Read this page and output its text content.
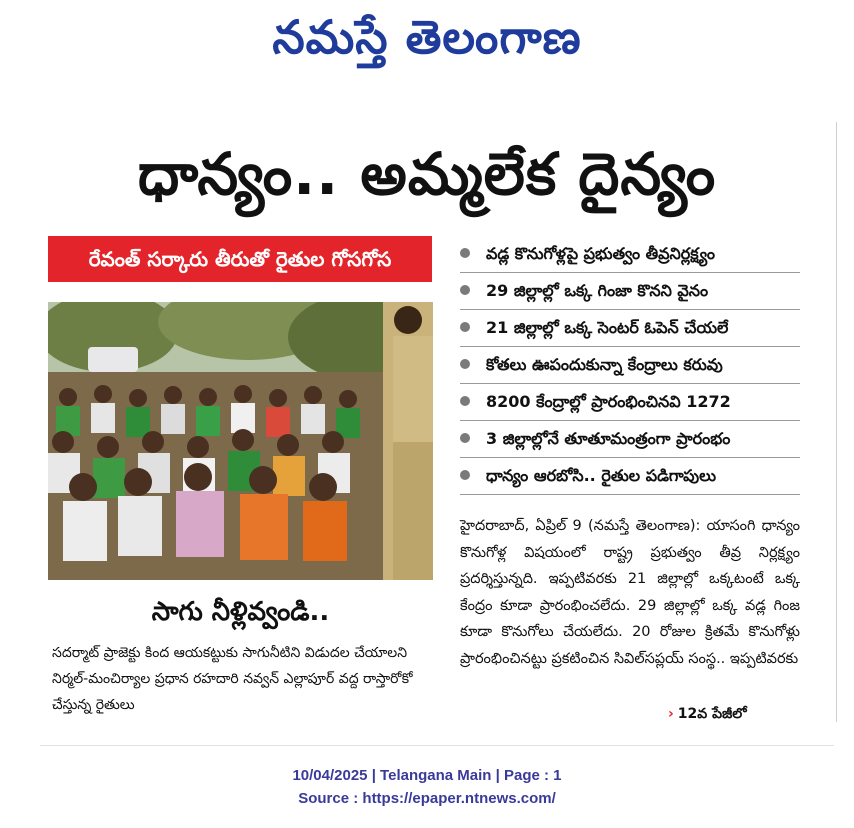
నమస్తే తెలంగాణ
ధాన్యం.. అమ్మలేక దైన్యం
రేవంత్ సర్కారు తీరుతో రైతుల గోసగోస	వడ్ల కొనుగోళ్లపై ప్రభుత్వం తీవ్రనిర్లక్ష్యం
29 జిల్లాల్లో ఒక్క గింజా కొనని వైనం
21 జిల్లాల్లో ఒక్క సెంటర్ ఓపెన్ చేయలే
కోతలు ఊపందుకున్నా కేంద్రాలు కరువు
8200 కేంద్రాల్లో ప్రారంభించినవి 1272
3 జిల్లాల్లోనే తూతూమంత్రంగా ప్రారంభం
ధాన్యం ఆరబోసి.. రైతుల పడిగాపులు
సాగు నీళ్లివ్వండి..
సదర్మాట్ ప్రాజెక్టు కింద ఆయకట్టుకు సాగునీటిని విడుదల చేయాలని నిర్మల్-మంచిర్యాల ప్రధాన రహదారి నవ్వన్ ఎల్లాపూర్ వద్ద రాస్తారోకో చేస్తున్న రైతులు
హైదరాబాద్, ఏప్రిల్ 9 (నమస్తే తెలంగాణ): యాసంగి ధాన్యం కొనుగోళ్ల విషయంలో రాష్ట్ర ప్రభుత్వం తీవ్ర నిర్లక్ష్యం ప్రదర్శిస్తున్నది. ఇప్పటివరకు 21 జిల్లాల్లో ఒక్కటంటే ఒక్క కేంద్రం కూడా ప్రారంభించలేదు. 29 జిల్లాల్లో ఒక్క వడ్ల గింజ కూడా కొనుగోలు చేయలేదు. 20 రోజుల క్రితమే కొనుగోళ్లు ప్రారంభించినట్టు ప్రకటించిన సివిల్‌సప్లయ్ సంస్థ.. ఇప్పటివరకు
› 12వ పేజీలో
10/04/2025 | Telangana Main | Page : 1
Source : https://epaper.ntnews.com/
